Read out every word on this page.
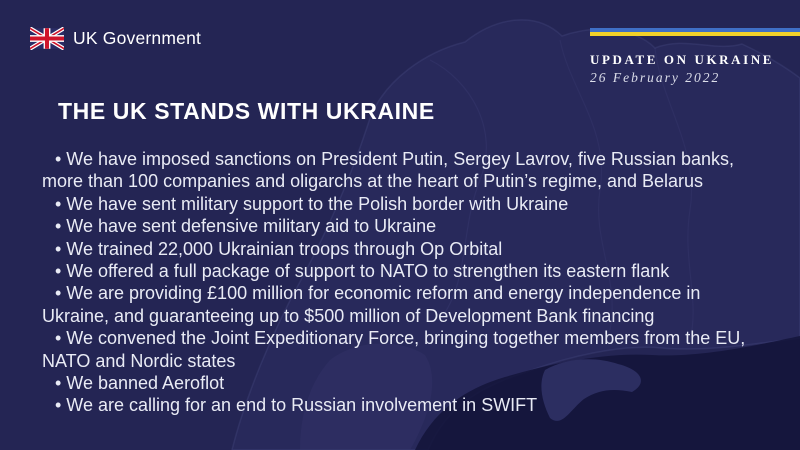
UK Government
UPDATE ON UKRAINE
26 February 2022
THE UK STANDS WITH UKRAINE
• We have imposed sanctions on President Putin, Sergey Lavrov, five Russian banks,
more than 100 companies and oligarchs at the heart of Putin’s regime, and Belarus
• We have sent military support to the Polish border with Ukraine
• We have sent defensive military aid to Ukraine
• We trained 22,000 Ukrainian troops through Op Orbital
• We offered a full package of support to NATO to strengthen its eastern flank
• We are providing £100 million for economic reform and energy independence in
Ukraine, and guaranteeing up to $500 million of Development Bank financing
• We convened the Joint Expeditionary Force, bringing together members from the EU,
NATO and Nordic states
• We banned Aeroflot
• We are calling for an end to Russian involvement in SWIFT
